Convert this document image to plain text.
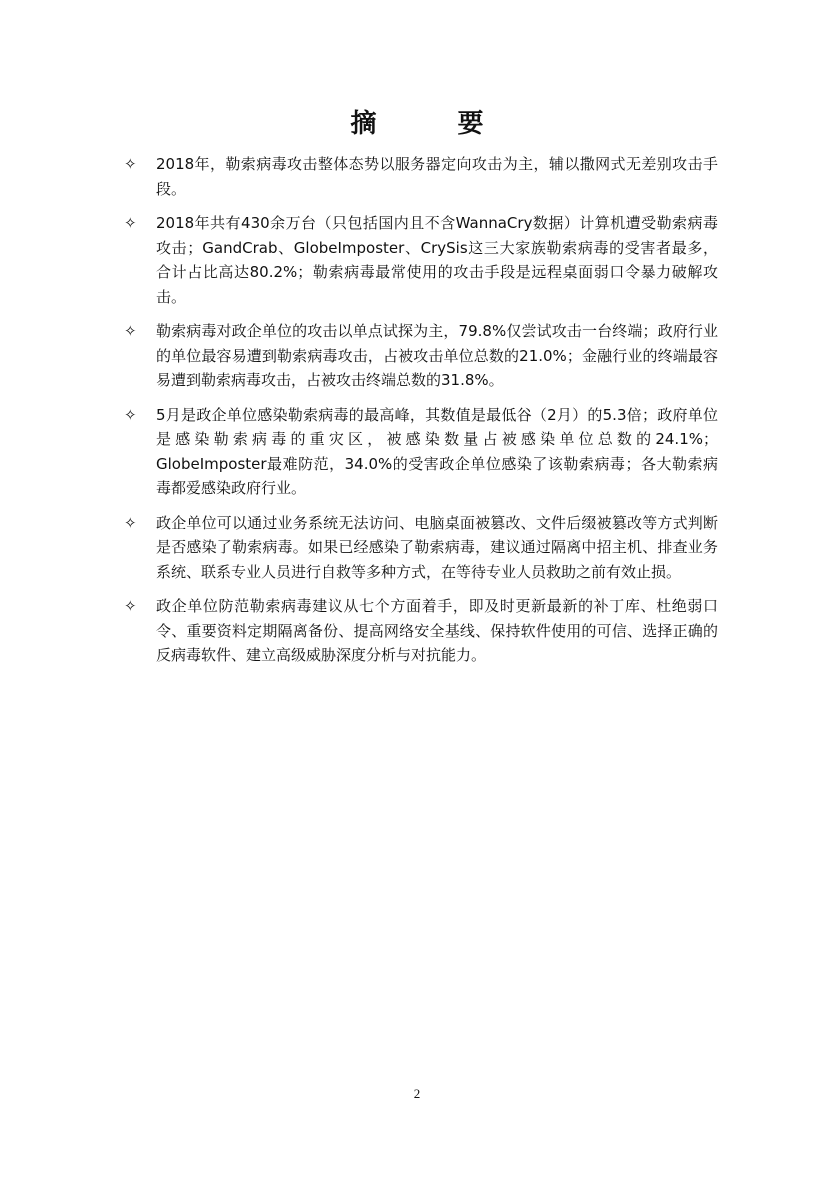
摘 要
✧ 2018年，勒索病毒攻击整体态势以服务器定向攻击为主，辅以撒网式无差别攻击手段。
✧ 2018年共有430余万台（只包括国内且不含WannaCry数据）计算机遭受勒索病毒攻击；GandCrab、GlobeImposter、CrySis这三大家族勒索病毒的受害者最多，合计占比高达80.2%；勒索病毒最常使用的攻击手段是远程桌面弱口令暴力破解攻击。
✧ 勒索病毒对政企单位的攻击以单点试探为主，79.8%仅尝试攻击一台终端；政府行业的单位最容易遭到勒索病毒攻击，占被攻击单位总数的21.0%；金融行业的终端最容易遭到勒索病毒攻击，占被攻击终端总数的31.8%。
✧ 5月是政企单位感染勒索病毒的最高峰，其数值是最低谷（2月）的5.3倍；政府单位是感染勒索病毒的重灾区，被感染数量占被感染单位总数的24.1%；GlobeImposter最难防范，34.0%的受害政企单位感染了该勒索病毒；各大勒索病毒都爱感染政府行业。
✧ 政企单位可以通过业务系统无法访问、电脑桌面被篡改、文件后缀被篡改等方式判断是否感染了勒索病毒。如果已经感染了勒索病毒，建议通过隔离中招主机、排查业务系统、联系专业人员进行自救等多种方式，在等待专业人员救助之前有效止损。
✧ 政企单位防范勒索病毒建议从七个方面着手，即及时更新最新的补丁库、杜绝弱口令、重要资料定期隔离备份、提高网络安全基线、保持软件使用的可信、选择正确的反病毒软件、建立高级威胁深度分析与对抗能力。
2
